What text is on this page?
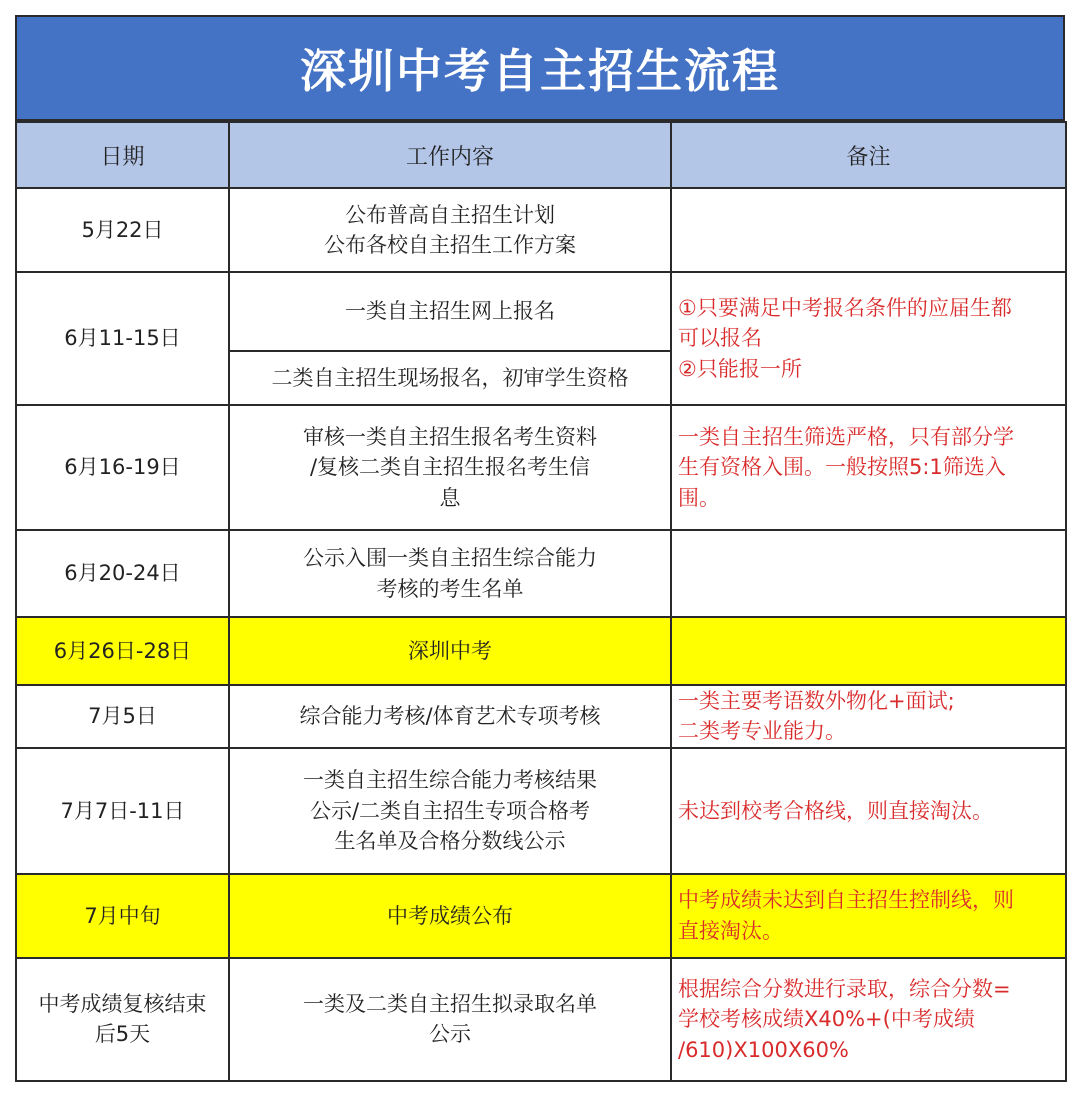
深圳中考自主招生流程
日期	工作内容	备注
5月22日	公布普高自主招生计划
公布各校自主招生工作方案	

6月11-15日	一类自主招生网上报名	①只要满足中考报名条件的应届生都
可以报名
②只能报一所

	二类自主招生现场报名，初审学生资格	
6月16-19日	审核一类自主招生报名考生资料
/复核二类自主招生报名考生信
息	一类自主招生筛选严格，只有部分学
生有资格入围。一般按照5:1筛选入
围。

6月20-24日	公示入围一类自主招生综合能力
考核的考生名单	

6月26日-28日	深圳中考	
7月5日	综合能力考核/体育艺术专项考核	一类主要考语数外物化+面试;
二类考专业能力。

7月7日-11日	一类自主招生综合能力考核结果
公示/二类自主招生专项合格考
生名单及合格分数线公示	未达到校考合格线，则直接淘汰。
7月中旬	中考成绩公布	中考成绩未达到自主招生控制线，则
直接淘汰。

中考成绩复核结束
后5天	一类及二类自主招生拟录取名单
公示	根据综合分数进行录取，综合分数=
学校考核成绩X40%+(中考成绩
/610)X100X60%
